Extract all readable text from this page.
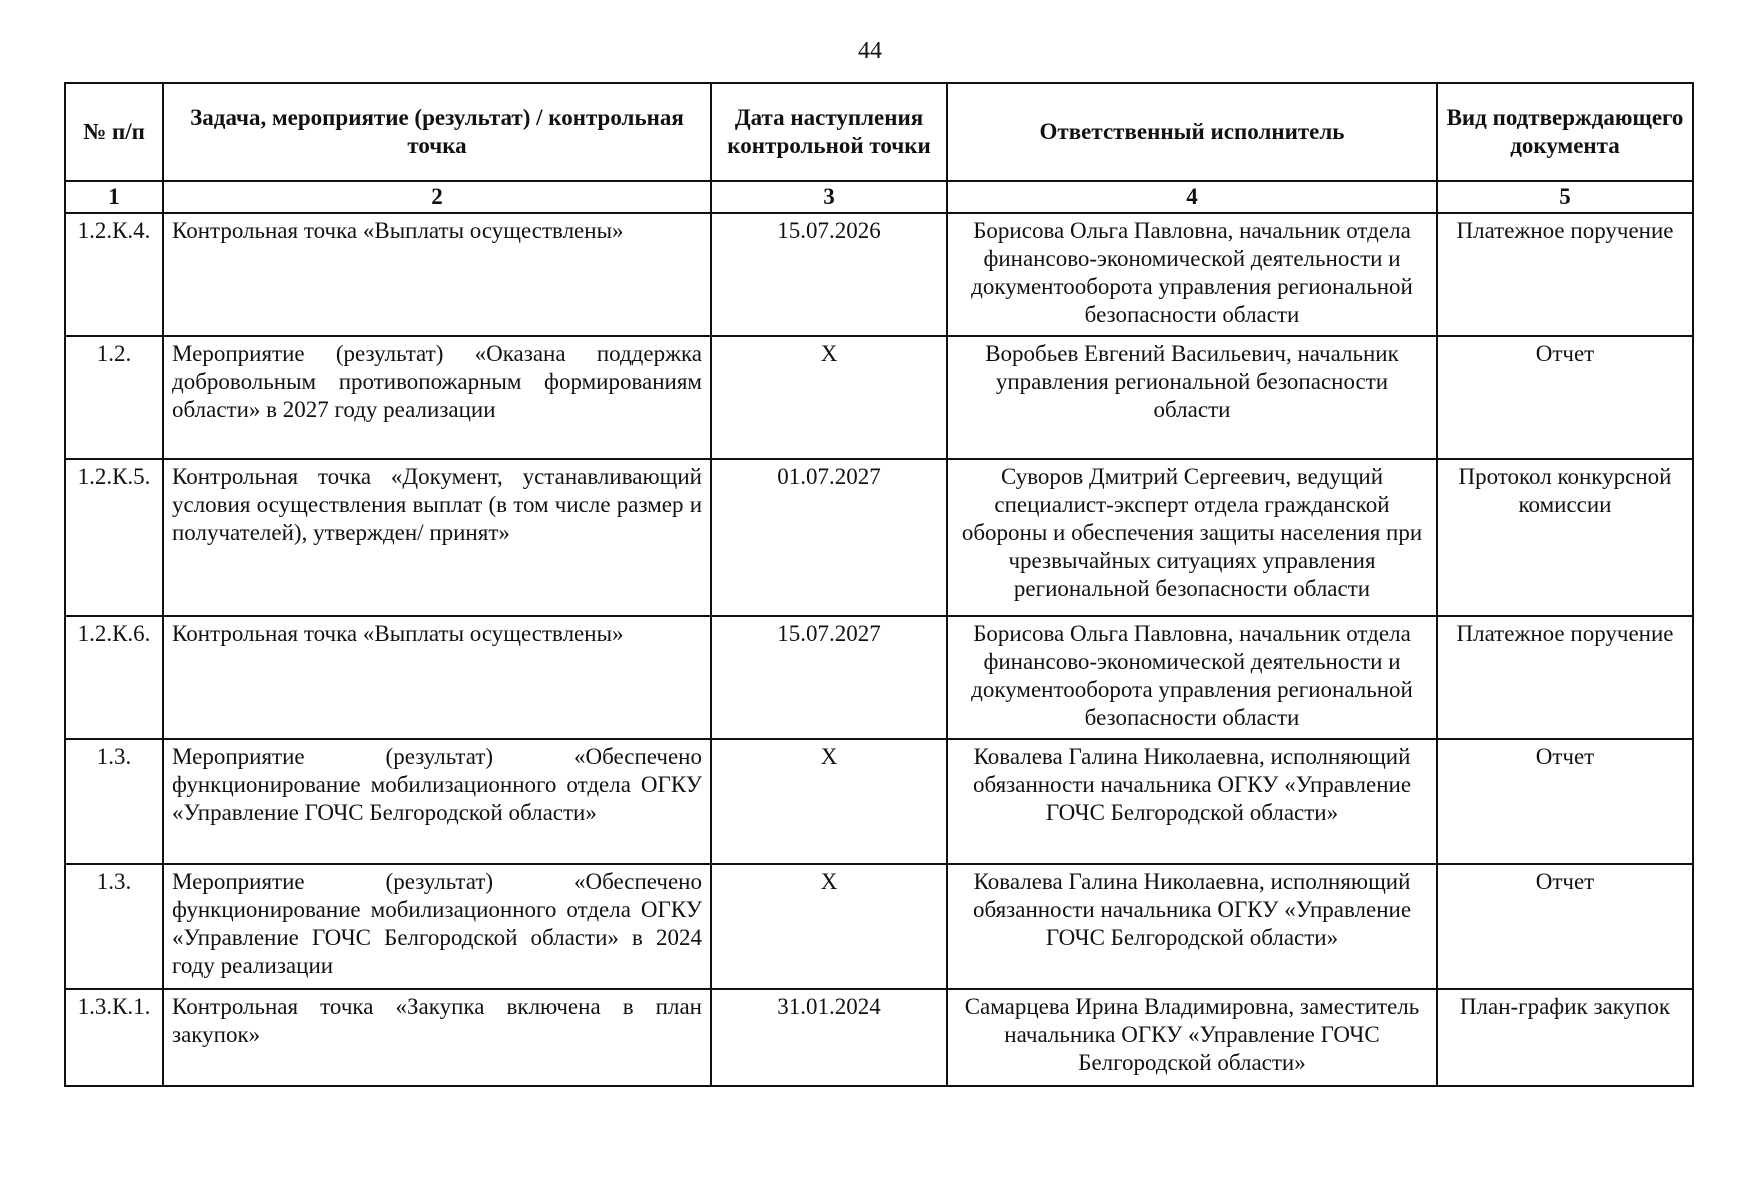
44
№ п/п	Задача, мероприятие (результат) / контрольная точка	Дата наступления контрольной точки	Ответственный исполнитель	Вид подтверждающего документа
1	2	3	4	5
1.2.К.4.	Контрольная точка «Выплаты осуществлены»	15.07.2026	Борисова Ольга Павловна, начальник отдела финансово-экономической деятельности и документооборота управления региональной безопасности области	Платежное поручение
1.2.	Мероприятие (результат) «Оказана поддержка добровольным противопожарным формированиям области» в 2027 году реализации	Х	Воробьев Евгений Васильевич, начальник управления региональной безопасности области	Отчет
1.2.К.5.	Контрольная точка «Документ, устанавливающий условия осуществления выплат (в том числе размер и получателей), утвержден/ принят»	01.07.2027	Суворов Дмитрий Сергеевич, ведущий специалист-эксперт отдела гражданской обороны и обеспечения защиты населения при чрезвычайных ситуациях управления региональной безопасности области	Протокол конкурсной комиссии
1.2.К.6.	Контрольная точка «Выплаты осуществлены»	15.07.2027	Борисова Ольга Павловна, начальник отдела финансово-экономической деятельности и документооборота управления региональной безопасности области	Платежное поручение
1.3.	Мероприятие (результат) «Обеспечено функционирование мобилизационного отдела ОГКУ «Управление ГОЧС Белгородской области»	Х	Ковалева Галина Николаевна, исполняющий обязанности начальника ОГКУ «Управление ГОЧС Белгородской области»	Отчет
1.3.	Мероприятие (результат) «Обеспечено функционирование мобилизационного отдела ОГКУ «Управление ГОЧС Белгородской области» в 2024 году реализации	Х	Ковалева Галина Николаевна, исполняющий обязанности начальника ОГКУ «Управление ГОЧС Белгородской области»	Отчет
1.3.К.1.	Контрольная точка «Закупка включена в план закупок»	31.01.2024	Самарцева Ирина Владимировна, заместитель начальника ОГКУ «Управление ГОЧС Белгородской области»	План-график закупок
